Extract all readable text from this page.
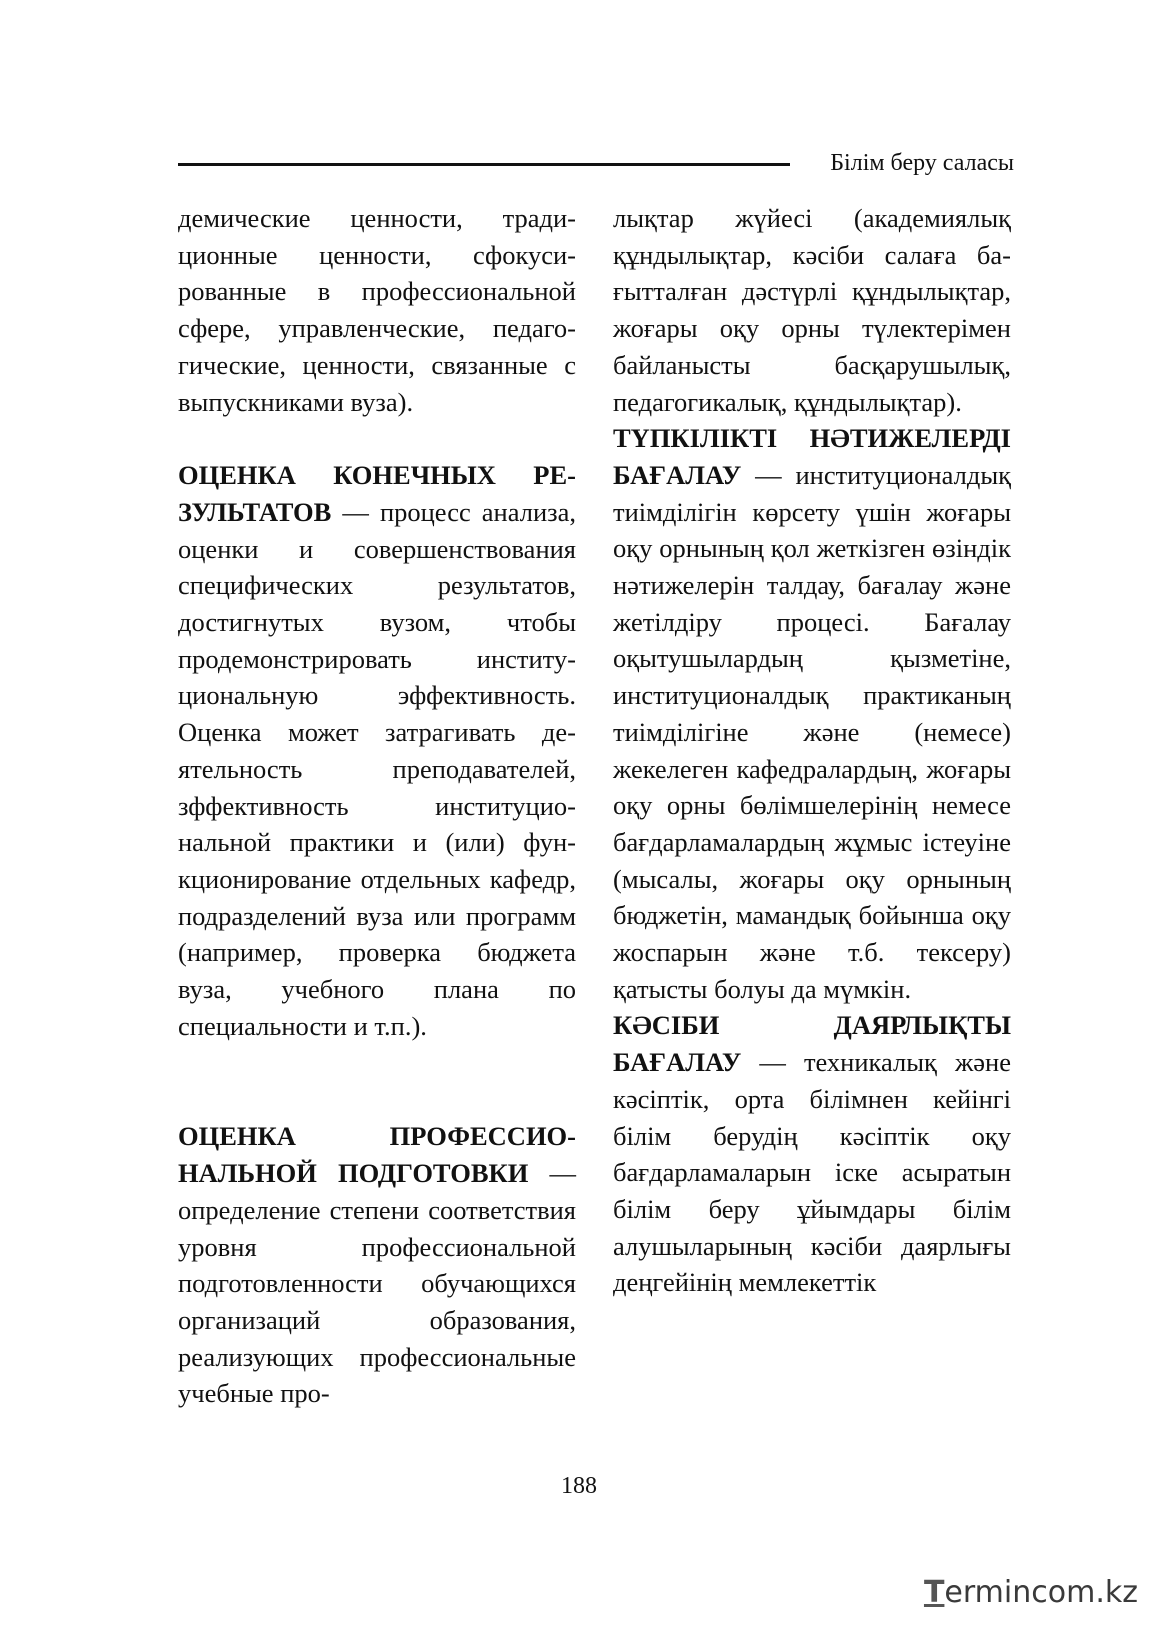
Білім беру саласы

демические ценности, традиционные ценности, сфокусированные в профессиональной сфере, управленческие, педагогические, ценности, связанные с выпускниками вуза).

ОЦЕНКА КОНЕЧНЫХ РЕЗУЛЬТАТОВ — процесс анализа, оценки и совершенствования специфических результатов, достигнутых вузом, чтобы продемонстрировать институциональную эффективность. Оценка может затрагивать деятельность преподавателей, зффективность институциональной практики и (или) функционирование отдельных кафедр, подразделений вуза или программ (например, проверка бюджета вуза, учебного плана по специальности и т.п.).

ОЦЕНКА ПРОФЕССИОНАЛЬНОЙ ПОДГОТОВКИ — определение степени соответствия уровня профессиональной подготовленности обучающихся организаций образования, реализующих профессиональные учебные про-

лықтар жүйесі (академиялық құндылықтар, кәсіби салаға бағытталған дәстүрлі құндылықтар, жоғары оқу орны түлектерімен байланысты басқарушылық, педагогикалық, құндылықтар).

ТҮПКІЛІКТІ НӘТИЖЕЛЕРДІ БАҒАЛАУ — институционалдық тиімділігін көрсету үшін жоғары оқу орнының қол жеткізген өзіндік нәтижелерін талдау, бағалау және жетілдіру процесі. Бағалау оқытушылардың қызметіне, институционалдық практиканың тиімділігіне және (немесе) жекелеген кафедралардың, жоғары оқу орны бөлімшелерінің немесе бағдарламалардың жұмыс істеуіне (мысалы, жоғары оқу орнының бюджетін, мамандық бойынша оқу жоспарын және т.б. тексеру) қатысты болуы да мүмкін.

КӘСІБИ ДАЯРЛЫҚТЫ БАҒАЛАУ — техникалық және кәсіптік, орта білімнен кейінгі білім берудің кәсіптік оқу бағдарламаларын іске асыратын білім беру ұйымдары білім алушыларының кәсіби даярлығы деңгейінің мемлекеттік

188
Termincom.kz
